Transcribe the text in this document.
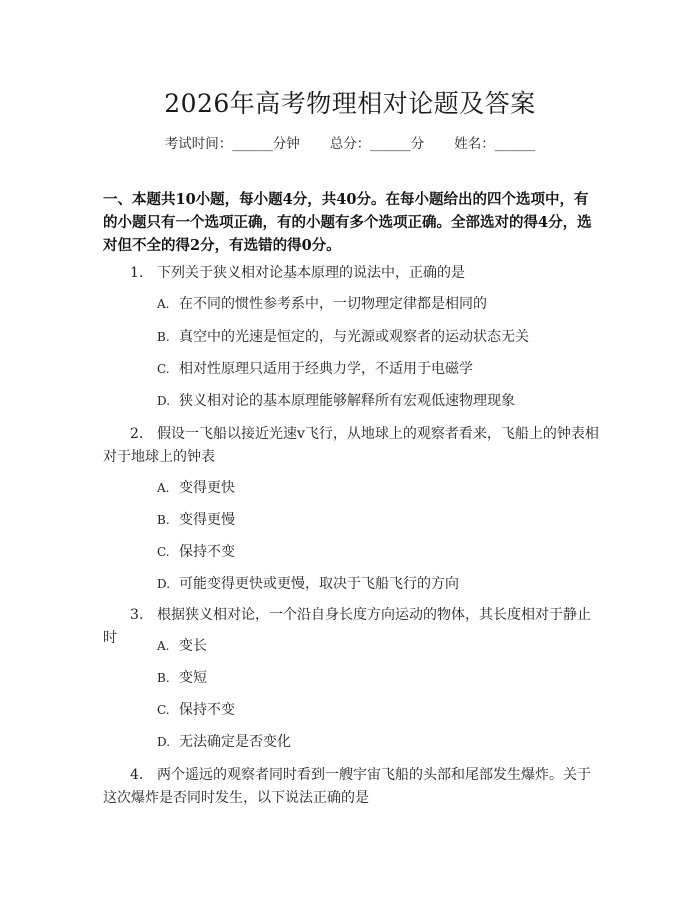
2026年高考物理相对论题及答案
考试时间：______分钟 总分：______分 姓名：______
一、本题共10小题，每小题4分，共40分。在每小题给出的四个选项中，有的小题只有一个选项正确，有的小题有多个选项正确。全部选对的得4分，选对但不全的得2分，有选错的得0分。
1. 下列关于狭义相对论基本原理的说法中，正确的是
A. 在不同的惯性参考系中，一切物理定律都是相同的
B. 真空中的光速是恒定的，与光源或观察者的运动状态无关
C. 相对性原理只适用于经典力学，不适用于电磁学
D. 狭义相对论的基本原理能够解释所有宏观低速物理现象
2. 假设一飞船以接近光速v飞行，从地球上的观察者看来，飞船上的钟表相对于地球上的钟表
A. 变得更快
B. 变得更慢
C. 保持不变
D. 可能变得更快或更慢，取决于飞船飞行的方向
3. 根据狭义相对论，一个沿自身长度方向运动的物体，其长度相对于静止时	A. 变长
B. 变短
C. 保持不变
D. 无法确定是否变化
4. 两个遥远的观察者同时看到一艘宇宙飞船的头部和尾部发生爆炸。关于这次爆炸是否同时发生，以下说法正确的是
